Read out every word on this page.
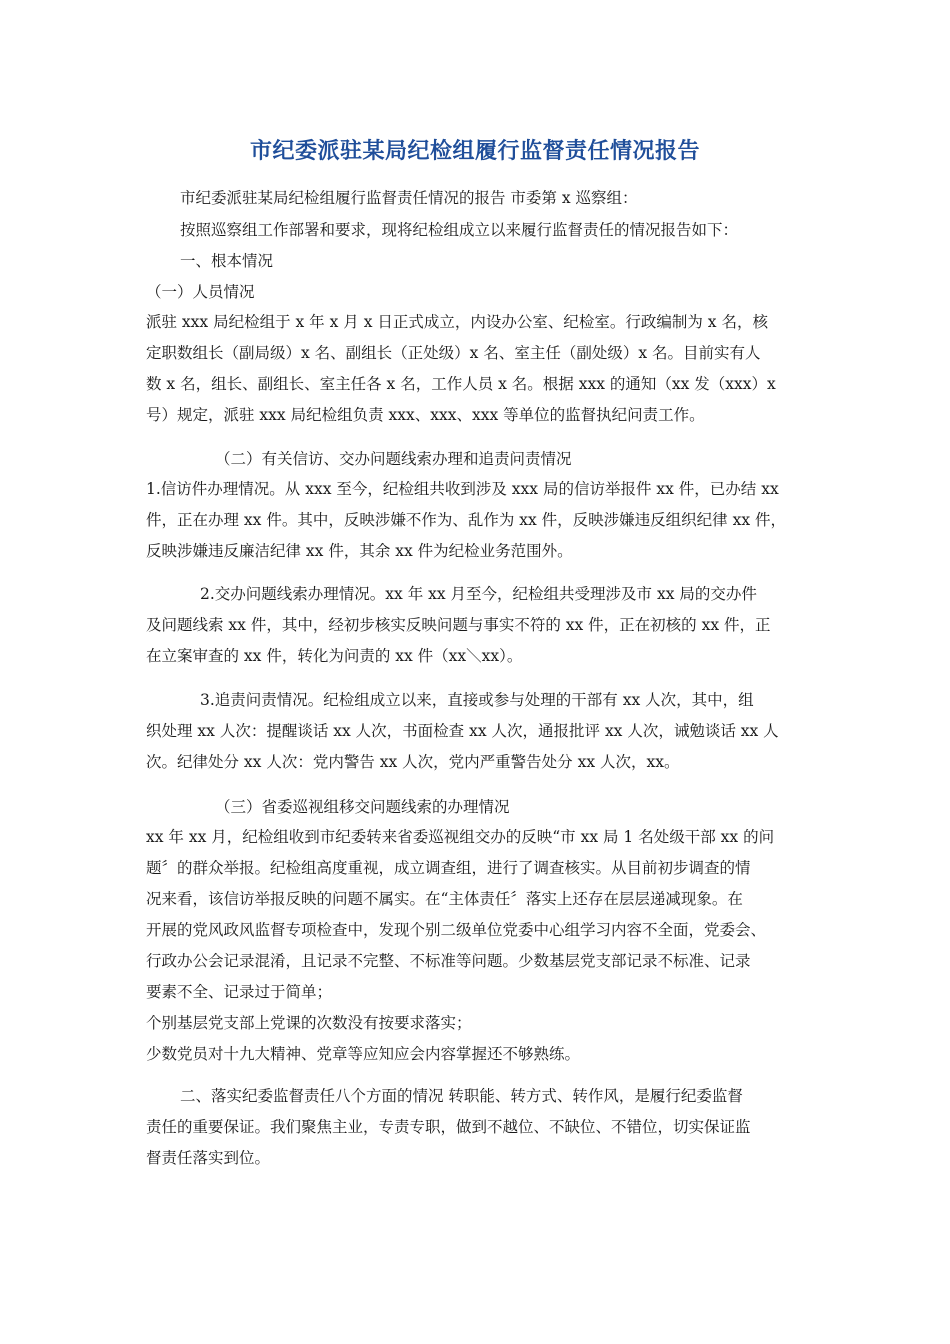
市纪委派驻某局纪检组履行监督责任情况报告
市纪委派驻某局纪检组履行监督责任情况的报告 市委第 x 巡察组：
按照巡察组工作部署和要求，现将纪检组成立以来履行监督责任的情况报告如下：
一、根本情况
（一）人员情况
派驻 xxx 局纪检组于 x 年 x 月 x 日正式成立，内设办公室、纪检室。行政编制为 x 名，核
定职数组长（副局级）x 名、副组长（正处级）x 名、室主任（副处级）x 名。目前实有人
数 x 名，组长、副组长、室主任各 x 名，工作人员 x 名。根据 xxx 的通知（xx 发（xxx）x
号）规定，派驻 xxx 局纪检组负责 xxx、xxx、xxx 等单位的监督执纪问责工作。
（二）有关信访、交办问题线索办理和追责问责情况
1.信访件办理情况。从 xxx 至今，纪检组共收到涉及 xxx 局的信访举报件 xx 件，已办结 xx
件，正在办理 xx 件。其中，反映涉嫌不作为、乱作为 xx 件，反映涉嫌违反组织纪律 xx 件，
反映涉嫌违反廉洁纪律 xx 件，其余 xx 件为纪检业务范围外。
2.交办问题线索办理情况。xx 年 xx 月至今，纪检组共受理涉及市 xx 局的交办件
及问题线索 xx 件，其中，经初步核实反映问题与事实不符的 xx 件，正在初核的 xx 件，正
在立案审查的 xx 件，转化为问责的 xx 件（xx＼xx）。
3.追责问责情况。纪检组成立以来，直接或参与处理的干部有 xx 人次，其中，组
织处理 xx 人次：提醒谈话 xx 人次，书面检查 xx 人次，通报批评 xx 人次，诫勉谈话 xx 人
次。纪律处分 xx 人次：党内警告 xx 人次，党内严重警告处分 xx 人次，xx。
（三）省委巡视组移交问题线索的办理情况
xx 年 xx 月，纪检组收到市纪委转来省委巡视组交办的反映“市 xx 局 1 名处级干部 xx 的问
题〞的群众举报。纪检组高度重视，成立调查组，进行了调查核实。从目前初步调查的情
况来看，该信访举报反映的问题不属实。在“主体责任〞落实上还存在层层递减现象。在
开展的党风政风监督专项检查中，发现个别二级单位党委中心组学习内容不全面，党委会、
行政办公会记录混淆，且记录不完整、不标准等问题。少数基层党支部记录不标准、记录
要素不全、记录过于简单；
个别基层党支部上党课的次数没有按要求落实；
少数党员对十九大精神、党章等应知应会内容掌握还不够熟练。
二、落实纪委监督责任八个方面的情况 转职能、转方式、转作风，是履行纪委监督
责任的重要保证。我们聚焦主业，专责专职，做到不越位、不缺位、不错位，切实保证监
督责任落实到位。
